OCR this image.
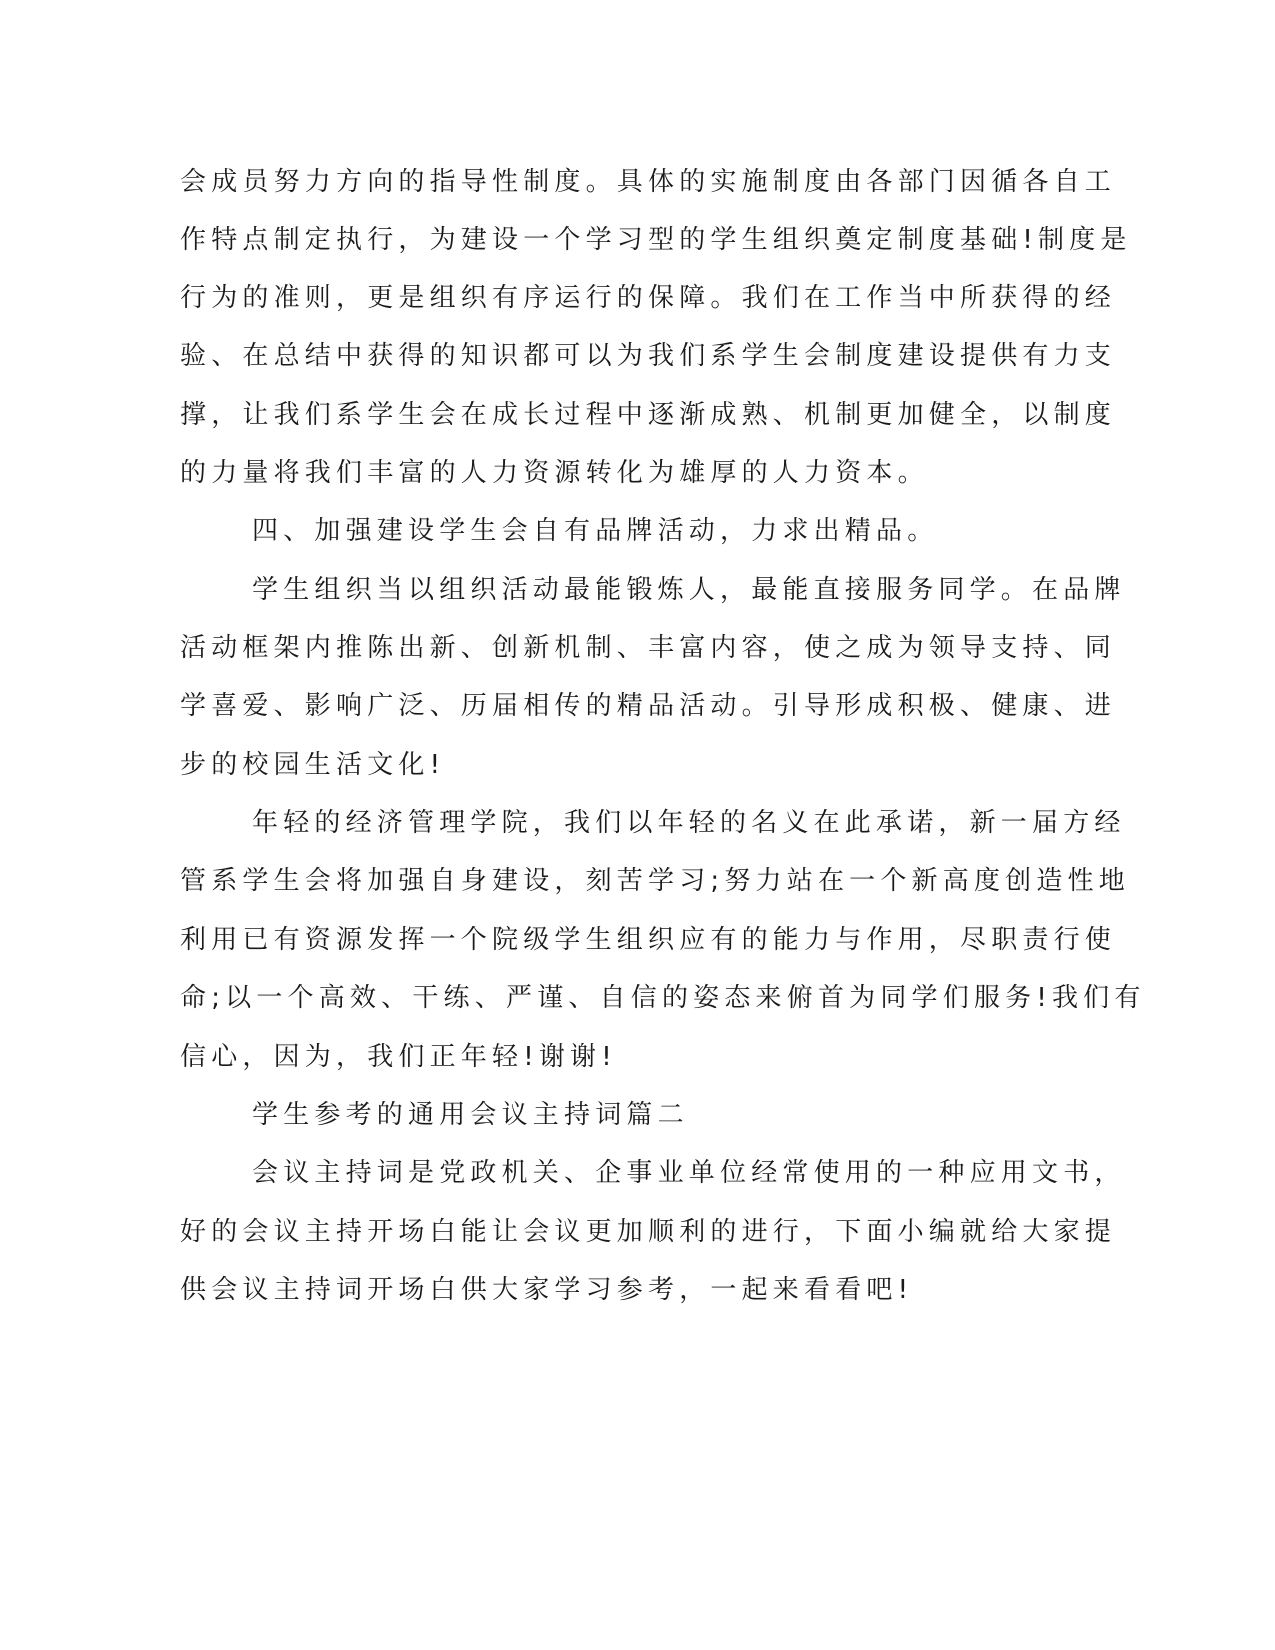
会成员努力方向的指导性制度。具体的实施制度由各部门因循各自工
作特点制定执行，为建设一个学习型的学生组织奠定制度基础!制度是
行为的准则，更是组织有序运行的保障。我们在工作当中所获得的经
验、在总结中获得的知识都可以为我们系学生会制度建设提供有力支
撑，让我们系学生会在成长过程中逐渐成熟、机制更加健全，以制度
的力量将我们丰富的人力资源转化为雄厚的人力资本。
四、加强建设学生会自有品牌活动，力求出精品。
学生组织当以组织活动最能锻炼人，最能直接服务同学。在品牌
活动框架内推陈出新、创新机制、丰富内容，使之成为领导支持、同
学喜爱、影响广泛、历届相传的精品活动。引导形成积极、健康、进
步的校园生活文化!
年轻的经济管理学院，我们以年轻的名义在此承诺，新一届方经
管系学生会将加强自身建设，刻苦学习;努力站在一个新高度创造性地
利用已有资源发挥一个院级学生组织应有的能力与作用，尽职责行使
命;以一个高效、干练、严谨、自信的姿态来俯首为同学们服务!我们有
信心，因为，我们正年轻!谢谢!
学生参考的通用会议主持词篇二
会议主持词是党政机关、企事业单位经常使用的一种应用文书，
好的会议主持开场白能让会议更加顺利的进行，下面小编就给大家提
供会议主持词开场白供大家学习参考，一起来看看吧!
